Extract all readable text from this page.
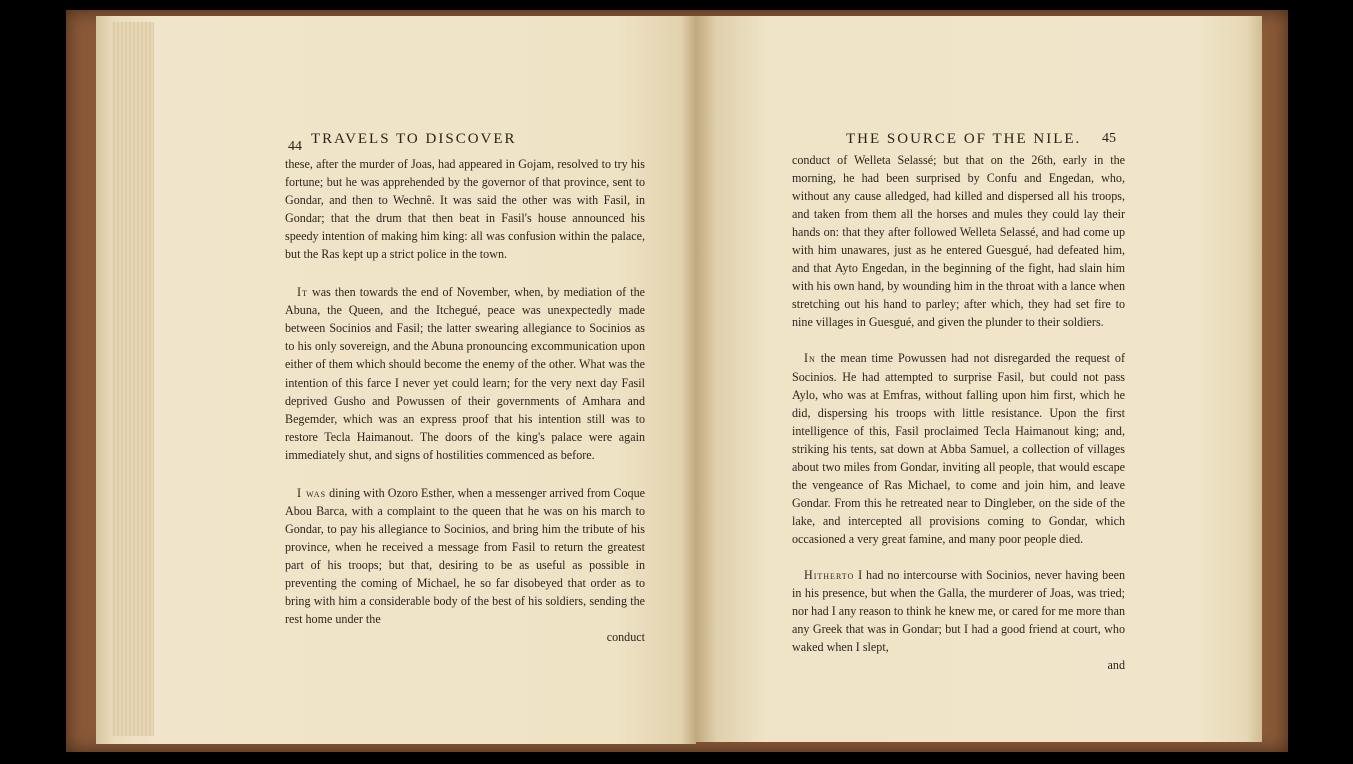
44 TRAVELS TO DISCOVER	THE SOURCE OF THE NILE. 45

these, after the murder of Joas, had appeared in Gojam, resolved to try his fortune; but he was apprehended by the governor of that province, sent to Gondar, and then to Wechnê. It was said the other was with Fasil, in Gondar; that the drum that then beat in Fasil's house announced his speedy intention of making him king: all was confusion within the palace, but the Ras kept up a strict police in the town.

It was then towards the end of November, when, by mediation of the Abuna, the Queen, and the Itchegué, peace was unexpectedly made between Socinios and Fasil; the latter swearing allegiance to Socinios as to his only sovereign, and the Abuna pronouncing excommunication upon either of them which should become the enemy of the other. What was the intention of this farce I never yet could learn; for the very next day Fasil deprived Gusho and Powussen of their governments of Amhara and Begemder, which was an express proof that his intention still was to restore Tecla Haimanout. The doors of the king's palace were again immediately shut, and signs of hostilities commenced as before.

I was dining with Ozoro Esther, when a messenger arrived from Coque Abou Barca, with a complaint to the queen that he was on his march to Gondar, to pay his allegiance to Socinios, and bring him the tribute of his province, when he received a message from Fasil to return the greatest part of his troops; but that, desiring to be as useful as possible in preventing the coming of Michael, he so far disobeyed that order as to bring with him a considerable body of the best of his soldiers, sending the rest home under the

conduct

conduct of Welleta Selassé; but that on the 26th, early in the morning, he had been surprised by Confu and Engedan, who, without any cause alledged, had killed and dispersed all his troops, and taken from them all the horses and mules they could lay their hands on: that they after followed Welleta Selassé, and had come up with him unawares, just as he entered Guesgué, had defeated him, and that Ayto Engedan, in the beginning of the fight, had slain him with his own hand, by wounding him in the throat with a lance when stretching out his hand to parley; after which, they had set fire to nine villages in Guesgué, and given the plunder to their soldiers.

In the mean time Powussen had not disregarded the request of Socinios. He had attempted to surprise Fasil, but could not pass Aylo, who was at Emfras, without falling upon him first, which he did, dispersing his troops with little resistance. Upon the first intelligence of this, Fasil proclaimed Tecla Haimanout king; and, striking his tents, sat down at Abba Samuel, a collection of villages about two miles from Gondar, inviting all people, that would escape the vengeance of Ras Michael, to come and join him, and leave Gondar. From this he retreated near to Dingleber, on the side of the lake, and intercepted all provisions coming to Gondar, which occasioned a very great famine, and many poor people died.

Hitherto I had no intercourse with Socinios, never having been in his presence, but when the Galla, the murderer of Joas, was tried; nor had I any reason to think he knew me, or cared for me more than any Greek that was in Gondar; but I had a good friend at court, who waked when I slept,

and
